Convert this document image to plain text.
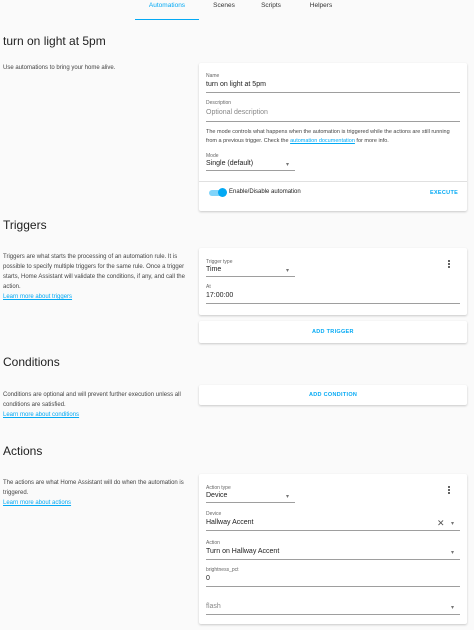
Automations	Scenes	Scripts	Helpers
turn on light at 5pm
Use automations to bring your home alive.
Name
turn on light at 5pm
Description
Optional description
The mode controls what happens when the automation is triggered while the actions are still running from a previous trigger. Check the automation documentation for more info.
Mode
Single (default)	▾
Enable/Disable automation	EXECUTE
Triggers
Triggers are what starts the processing of an automation rule. It is possible to specify multiple triggers for the same rule. Once a trigger starts, Home Assistant will validate the conditions, if any, and call the action.
Learn more about triggers
Trigger type
Time	▾
At
17:00:00
ADD TRIGGER
Conditions
Conditions are optional and will prevent further execution unless all conditions are satisfied.
Learn more about conditions
ADD CONDITION
Actions
The actions are what Home Assistant will do when the automation is triggered.
Learn more about actions
Action type
Device	▾
Device
Hallway Accent	✕ ▾
Action
Turn on Hallway Accent	▾
brightness_pct
0
flash	▾
